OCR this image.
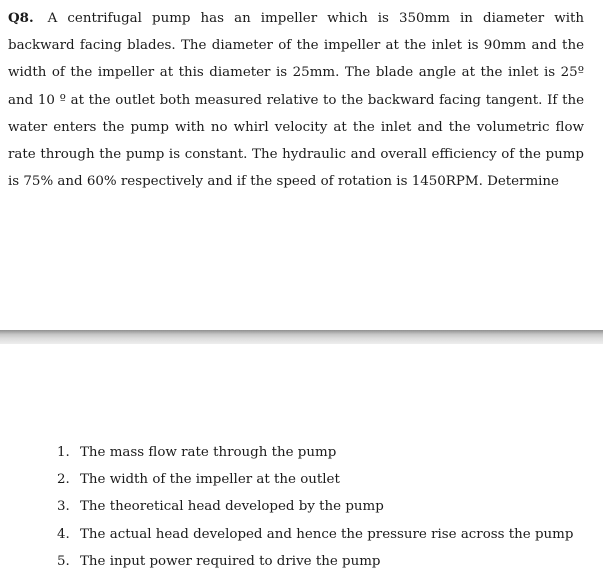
Q8. A centrifugal pump has an impeller which is 350mm in diameter with backward facing blades. The diameter of the impeller at the inlet is 90mm and the width of the impeller at this diameter is 25mm. The blade angle at the inlet is 25º and 10 º at the outlet both measured relative to the backward facing tangent. If the water enters the pump with no whirl velocity at the inlet and the volumetric flow rate through the pump is constant. The hydraulic and overall efficiency of the pump is 75% and 60% respectively and if the speed of rotation is 1450RPM. Determine
1. The mass flow rate through the pump
2. The width of the impeller at the outlet
3. The theoretical head developed by the pump
4. The actual head developed and hence the pressure rise across the pump
5. The input power required to drive the pump
